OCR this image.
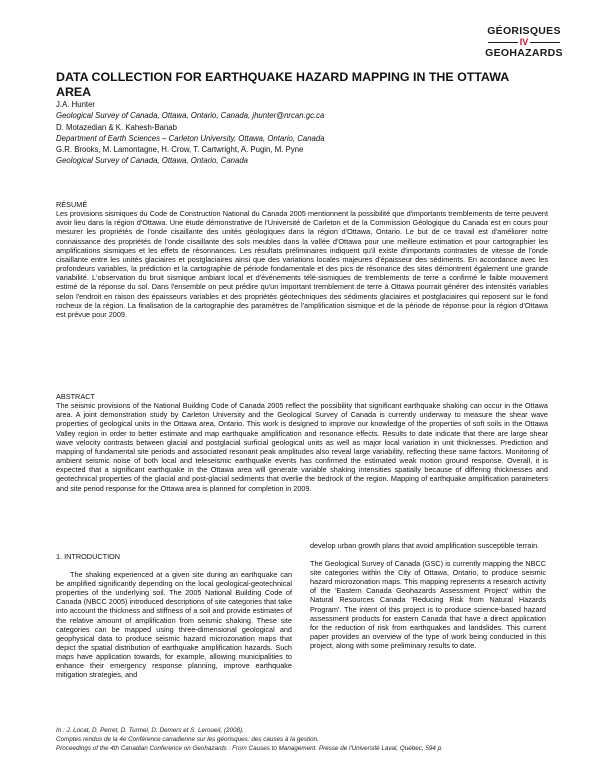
GÉORISQUES
IV
GEOHAZARDS
DATA COLLECTION FOR EARTHQUAKE HAZARD MAPPING IN THE OTTAWA AREA
J.A. Hunter
Geological Survey of Canada, Ottawa, Ontario, Canada, jhunter@nrcan.gc.ca
D. Motazedian & K. Kahesh-Banab
Department of Earth Sciences – Carleton University, Ottawa, Ontario, Canada
G.R. Brooks, M. Lamontagne, H. Crow, T. Cartwright, A. Pugin, M. Pyne
Geological Survey of Canada, Ottawa, Ontario, Canada
RÉSUMÉ

Les provisions sismiques du Code de Construction National du Canada 2005 mentionnent la possibilité que d'importants tremblements de terre peuvent avoir lieu dans la région d'Ottawa. Une étude démonstrative de l'Université de Carleton et de la Commission Géologique du Canada est en cours pour mesurer les propriétés de l'onde cisaillante des unités géologiques dans la région d'Ottawa, Ontario. Le but de ce travail est d'améliorer notre connaissance des propriétés de l'onde cisaillante des sols meubles dans la vallée d'Ottawa pour une meilleure estimation et pour cartographier les amplifications sismiques et les effets de résonnances. Les résultats préliminaires indiquent qu'il existe d'importants contrastes de vitesse de l'onde cisaillante entre les unités glaciaires et postglaciaires ainsi que des variations locales majeures d'épaisseur des sédiments. En accordance avec les profondeurs variables, la prédiction et la cartographie de période fondamentale et des pics de résonance des sites démontrent également une grande variabilité. L'observation du bruit sismique ambiant local et d'événements télé-sismiques de tremblements de terre a confirmé le faible mouvement estimé de la réponse du sol. Dans l'ensemble on peut prédire qu'un important tremblement de terre à Ottawa pourrait générer des intensités variables selon l'endroit en raison des épaisseurs variables et des propriétés géotechniques des sédiments glaciaires et postglaciaires qui reposent sur le fond rocheux de la région. La finalisation de la cartographie des paramètres de l'amplification sismique et de la période de réponse pour la région d'Ottawa est prévue pour 2009.

ABSTRACT

The seismic provisions of the National Building Code of Canada 2005 reflect the possibility that significant earthquake shaking can occur in the Ottawa area. A joint demonstration study by Carleton University and the Geological Survey of Canada is currently underway to measure the shear wave properties of geological units in the Ottawa area, Ontario. This work is designed to improve our knowledge of the properties of soft soils in the Ottawa Valley region in order to better estimate and map earthquake amplification and resonance effects. Results to date indicate that there are large shear wave velocity contrasts between glacial and postglacial surficial geological units as well as major local variation in unit thicknesses. Prediction and mapping of fundamental site periods and associated resonant peak amplitudes also reveal large variability, reflecting these same factors. Monitoring of ambient seismic noise of both local and teleseismic earthquake events has confirmed the estimated weak motion ground response. Overall, it is expected that a significant earthquake in the Ottawa area will generate variable shaking intensities spatially because of differing thicknesses and geotechnical properties of the glacial and post-glacial sediments that overlie the bedrock of the region. Mapping of earthquake amplification parameters and site period response for the Ottawa area is planned for completion in 2009.

1. INTRODUCTION

The shaking experienced at a given site during an earthquake can be amplified significantly depending on the local geological-geotechnical properties of the underlying soil. The 2005 National Building Code of Canada (NBCC 2005) introduced descriptions of site categories that take into account the thickness and stiffness of a soil and provide estimates of the relative amount of amplification from seismic shaking. These site categories can be mapped using three-dimensional geological and geophysical data to produce seismic hazard microzonation maps that depict the spatial distribution of earthquake amplification hazards. Such maps have application towards, for example, allowing municipalities to enhance their emergency response planning, improve earthquake mitigation strategies, and

develop urban growth plans that avoid amplification susceptible terrain.

The Geological Survey of Canada (GSC) is currently mapping the NBCC site categories within the City of Ottawa, Ontario, to produce seismic hazard microzonation maps. This mapping represents a research activity of the 'Eastern Canada Geohazards Assessment Project' within the Natural Resources Canada 'Reducing Risk from Natural Hazards Program'. The intent of this project is to produce science-based hazard assessment products for eastern Canada that have a direct application for the reduction of risk from earthquakes and landslides. This current paper provides an overview of the type of work being conducted in this project, along with some preliminary results to date.

In : J. Locat, D. Perret, D. Turmel, D. Demers et S. Leroueil, (2008).
Comptes rendus de la 4e Conférence canadienne sur les géorisques: des causes à la gestion.
Proceedings of the 4th Canadian Conference on Geohazards : From Causes to Management. Presse de l'Université Laval, Québec, 594 p.
